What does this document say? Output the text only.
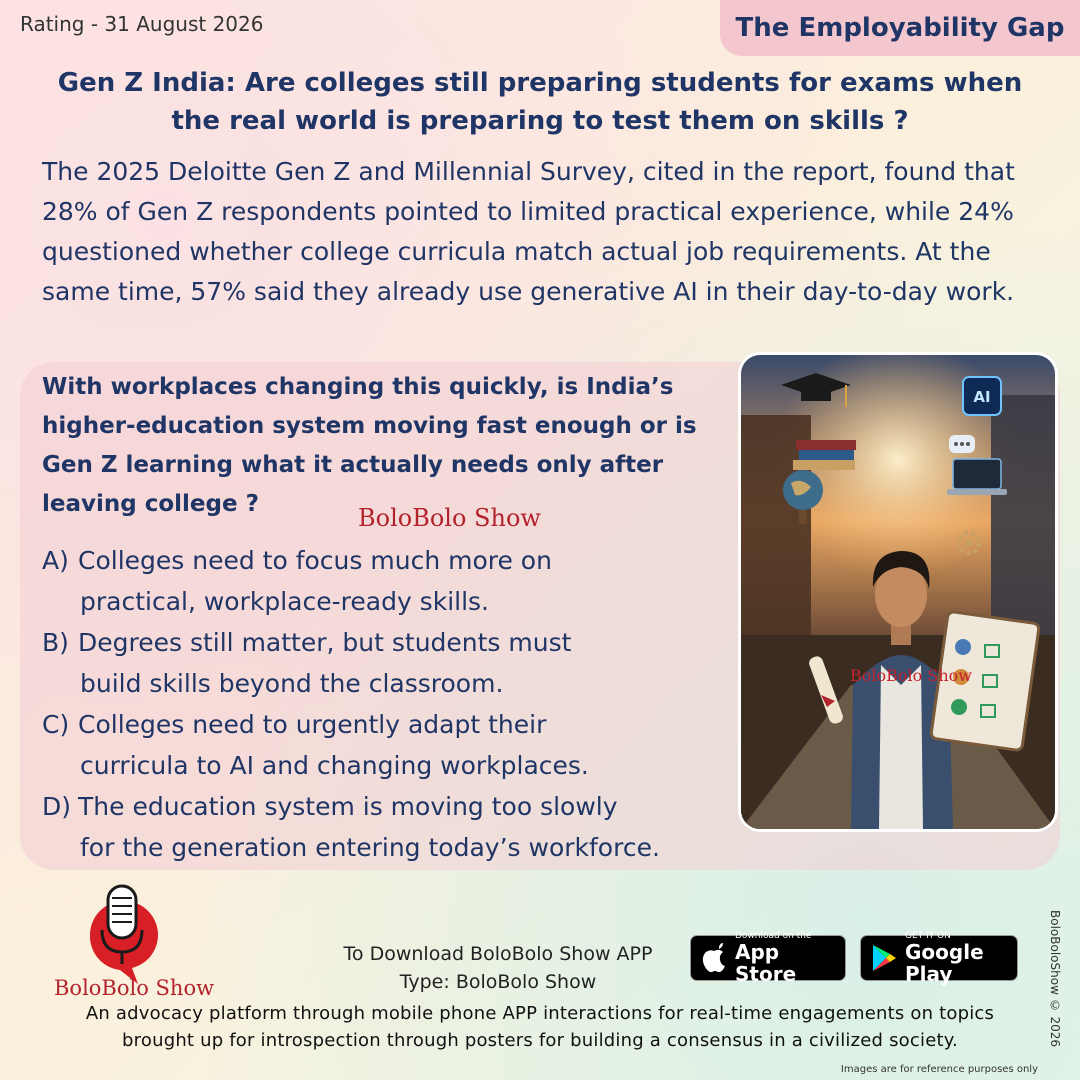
Rating - 31 August 2026	The Employability Gap
Gen Z India: Are colleges still preparing students for exams when
the real world is preparing to test them on skills ?
The 2025 Deloitte Gen Z and Millennial Survey, cited in the report, found that 28% of Gen Z respondents pointed to limited practical experience, while 24% questioned whether college curricula match actual job requirements. At the same time, 57% said they already use generative AI in their day-to-day work.
With workplaces changing this quickly, is India’s higher-education system moving fast enough or is Gen Z learning what it actually needs only after leaving college ?	BoloBolo Show
A) Colleges need to focus much more on
practical, workplace-ready skills.
B) Degrees still matter, but students must
build skills beyond the classroom.
C) Colleges need to urgently adapt their
curricula to AI and changing workplaces.
D) The education system is moving too slowly
for the generation entering today’s workforce.
AI
BoloBolo Show
BoloBolo Show
To Download BoloBolo Show APP
Type: BoloBolo Show
Download on the
App Store
GET IT ON
Google Play
An advocacy platform through mobile phone APP interactions for real-time engagements on topics
brought up for introspection through posters for building a consensus in a civilized society.	BoloBoloShow © 2026
Images are for reference purposes only
